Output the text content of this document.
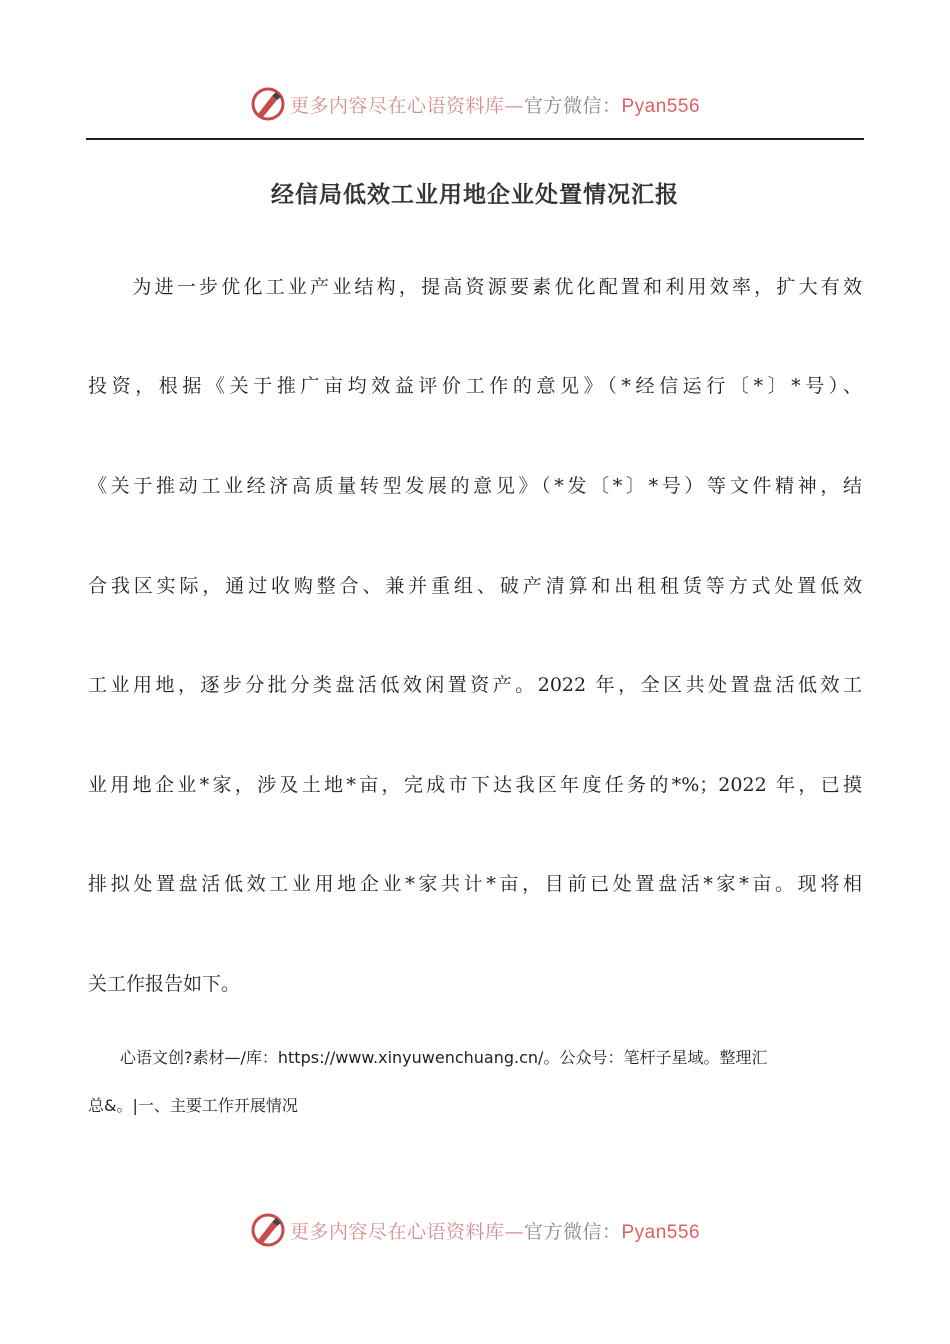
更多内容尽在心语资料库—官方微信：Pyan556
经信局低效工业用地企业处置情况汇报
　　为进一步优化工业产业结构，提高资源要素优化配置和利用效率，扩大有效
投资，根据《关于推广亩均效益评价工作的意见》（*经信运行〔*〕*号）、
《关于推动工业经济高质量转型发展的意见》（*发〔*〕*号）等文件精神，结
合我区实际，通过收购整合、兼并重组、破产清算和出租租赁等方式处置低效
工业用地，逐步分批分类盘活低效闲置资产。2022 年，全区共处置盘活低效工
业用地企业*家，涉及土地*亩，完成市下达我区年度任务的*%；2022 年，已摸
排拟处置盘活低效工业用地企业*家共计*亩，目前已处置盘活*家*亩。现将相
关工作报告如下。
　　心语文创?素材—/库：https://www.xinyuwenchuang.cn/。公众号：笔杆子星域。整理汇
总&。|一、主要工作开展情况
更多内容尽在心语资料库—官方微信：Pyan556
